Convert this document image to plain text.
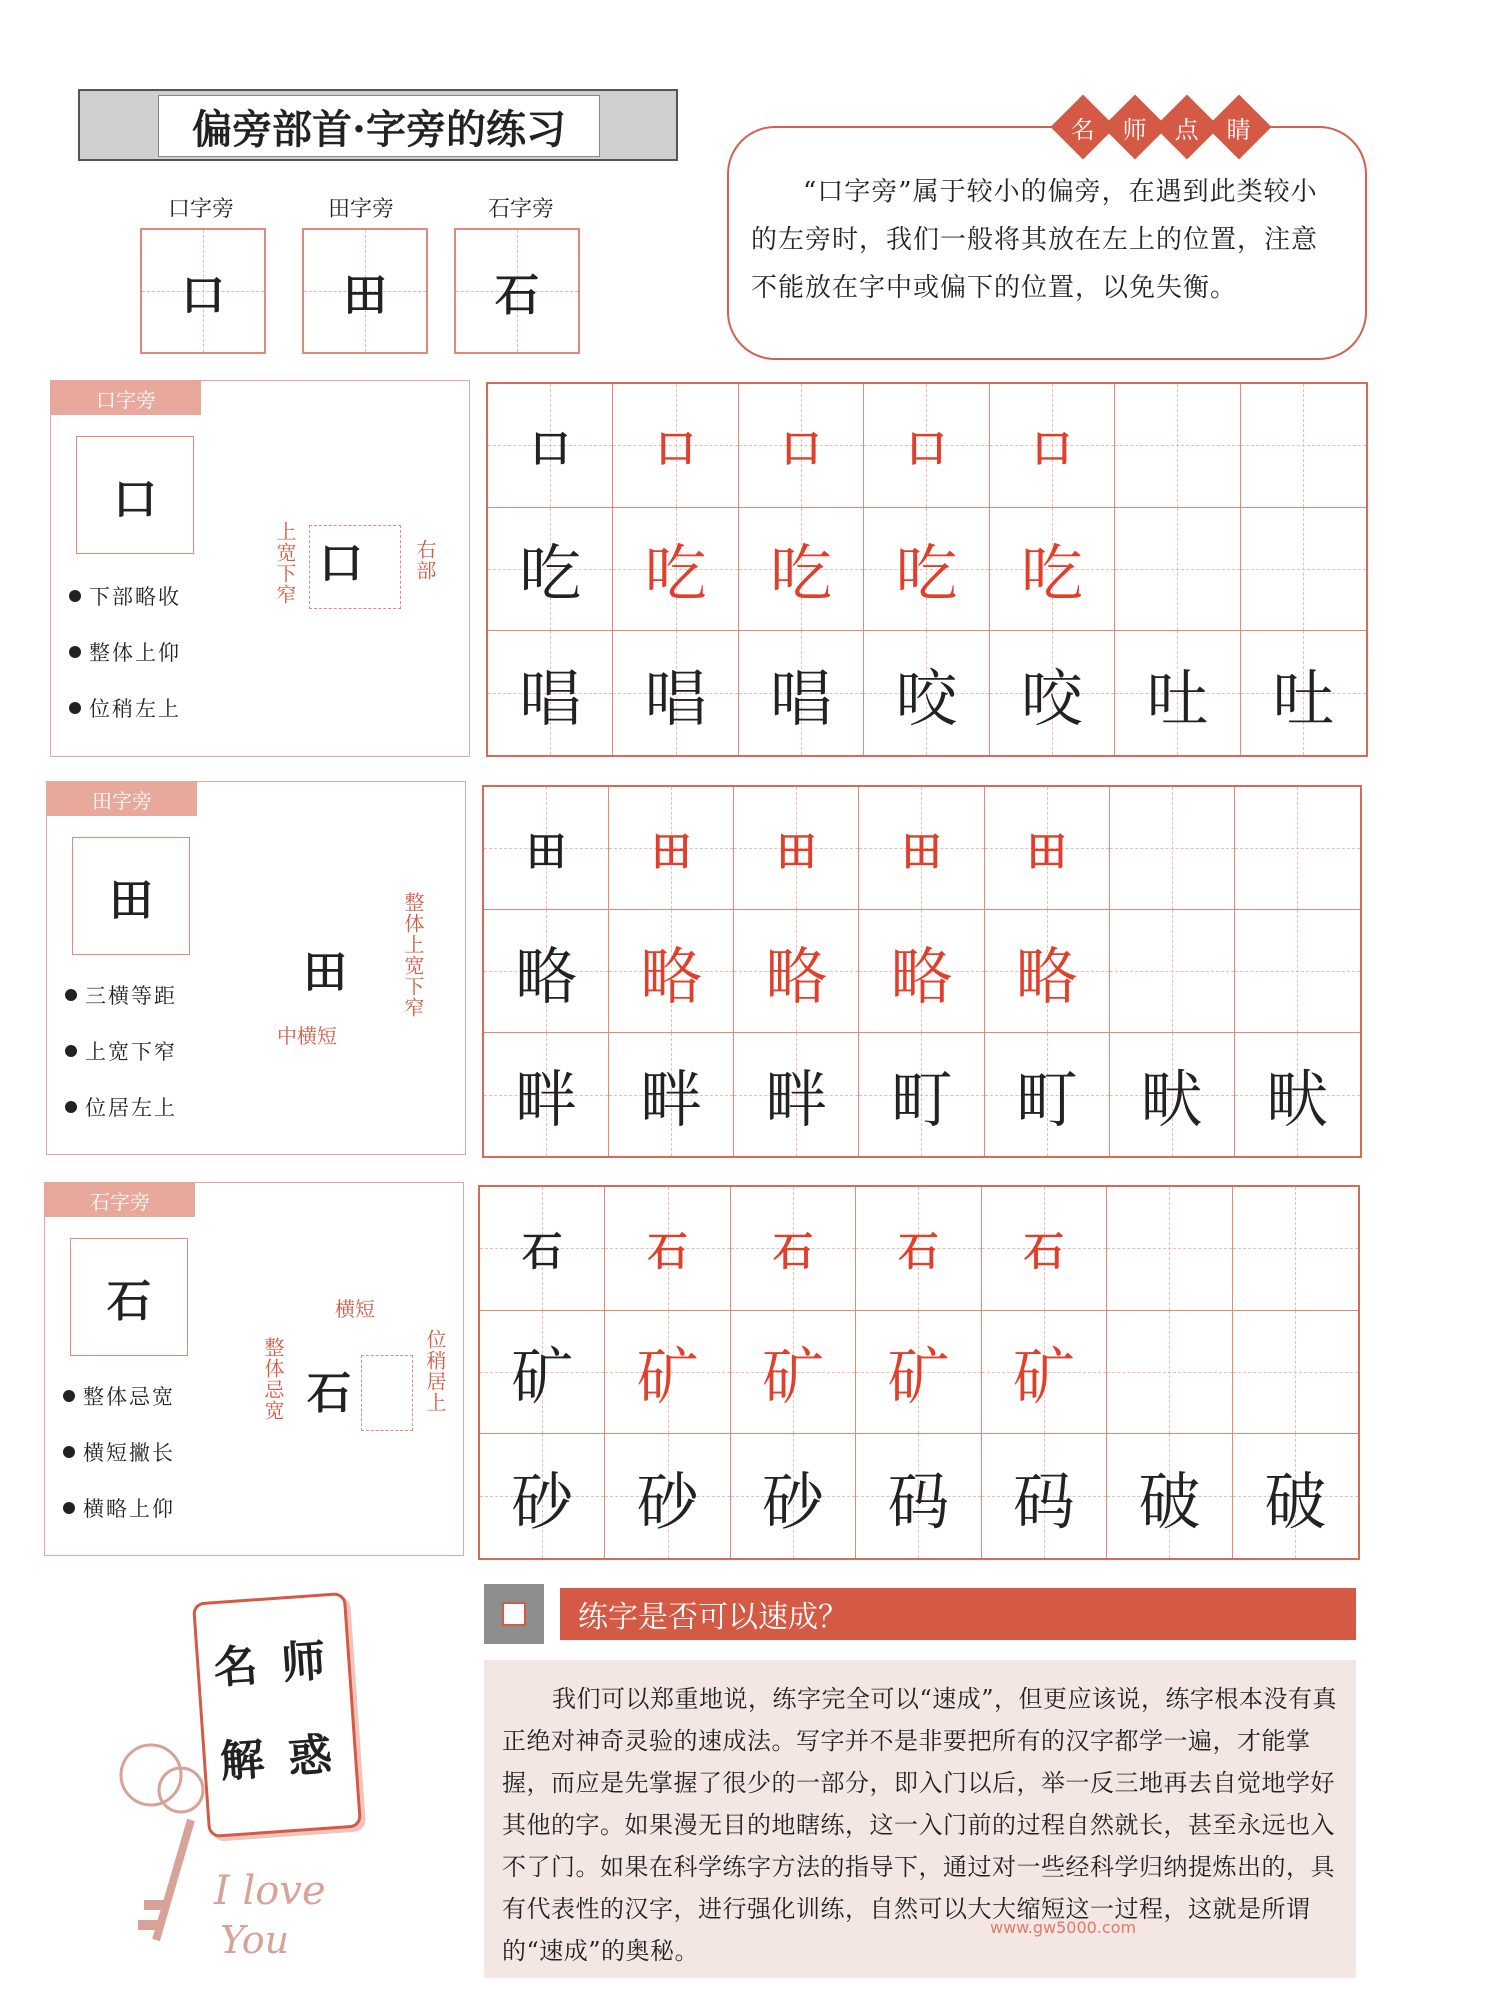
偏旁部首·字旁的练习
口字旁	田字旁	石字旁
口	田	石
“口字旁”属于较小的偏旁，在遇到此类较小的左旁时，我们一般将其放在左上的位置，注意不能放在字中或偏下的位置，以免失衡。
名 师 点 睛
口字旁
口
下部略收
整体上仰
位稍左上
上宽下窄 口	右部
田字旁
田
三横等距
上宽下窄
位居左上
田	整体上宽下窄
中横短
石字旁
石
整体忌宽
横短撇长
横略上仰
横短
整体忌宽 石	位稍居上
口 口 口 口 口
吃 吃 吃 吃 吃
唱 唱 唱 咬 咬 吐 吐
田 田 田 田 田
略 略 略 略 略
畔 畔 畔 町 町 畎 畎
石 石 石 石 石
矿 矿 矿 矿 矿
砂 砂 砂 码 码 破 破
名 师
解 惑
I love
You
练字是否可以速成？
我们可以郑重地说，练字完全可以“速成”，但更应该说，练字根本没有真正绝对神奇灵验的速成法。写字并不是非要把所有的汉字都学一遍，才能掌握，而应是先掌握了很少的一部分，即入门以后，举一反三地再去自觉地学好其他的字。如果漫无目的地瞎练，这一入门前的过程自然就长，甚至永远也入不了门。如果在科学练字方法的指导下，通过对一些经科学归纳提炼出的，具有代表性的汉字，进行强化训练，自然可以大大缩短这一过程，这就是所谓的“速成”的奥秘。
www.gw5000.com
